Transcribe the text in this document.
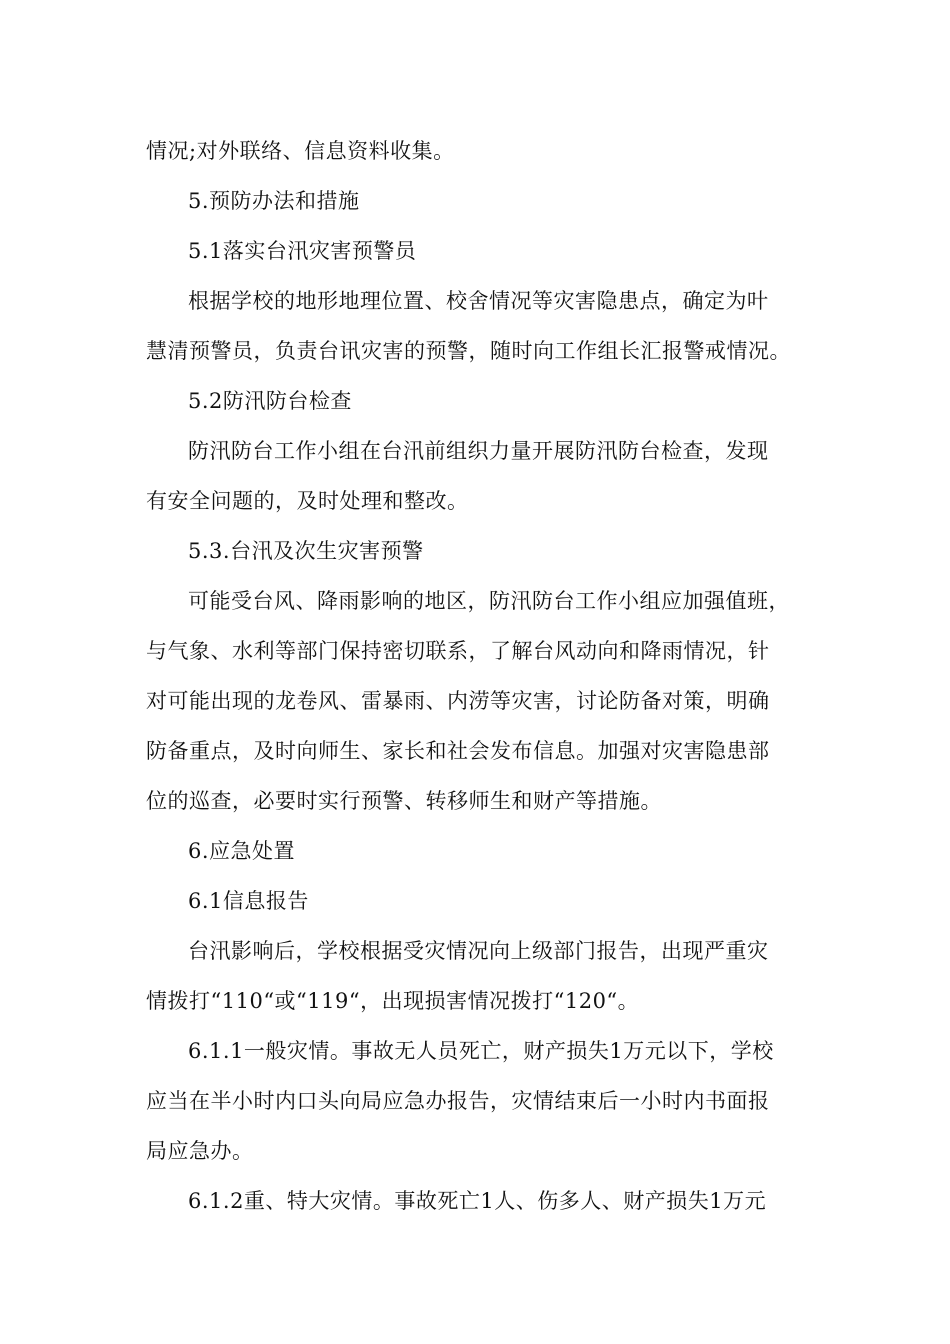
情况;对外联络、信息资料收集。
5.预防办法和措施
5.1落实台汛灾害预警员
根据学校的地形地理位置、校舍情况等灾害隐患点，确定为叶
慧清预警员，负责台讯灾害的预警，随时向工作组长汇报警戒情况。
5.2防汛防台检查
防汛防台工作小组在台汛前组织力量开展防汛防台检查，发现
有安全问题的，及时处理和整改。
5.3.台汛及次生灾害预警
可能受台风、降雨影响的地区，防汛防台工作小组应加强值班，
与气象、水利等部门保持密切联系，了解台风动向和降雨情况，针
对可能出现的龙卷风、雷暴雨、内涝等灾害，讨论防备对策，明确
防备重点，及时向师生、家长和社会发布信息。加强对灾害隐患部
位的巡查，必要时实行预警、转移师生和财产等措施。
6.应急处置
6.1信息报告
台汛影响后，学校根据受灾情况向上级部门报告，出现严重灾
情拨打“110“或“119“，出现损害情况拨打“120“。
6.1.1一般灾情。事故无人员死亡，财产损失1万元以下，学校
应当在半小时内口头向局应急办报告，灾情结束后一小时内书面报
局应急办。
6.1.2重、特大灾情。事故死亡1人、伤多人、财产损失1万元
